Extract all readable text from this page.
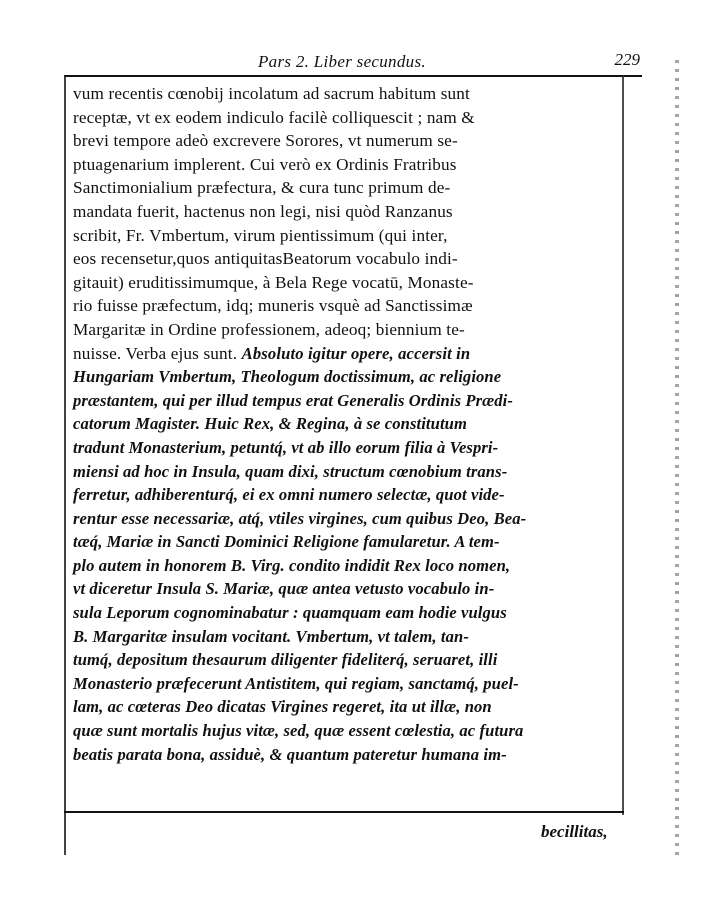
Pars 2. Liber secundus.	229
vum recentis cœnobij incolatum ad sacrum habitum sunt
receptæ, vt ex eodem indiculo facilè colliquescit ; nam &
brevi tempore adeò excrevere Sorores, vt numerum se-
ptuagenarium implerent. Cui verò ex Ordinis Fratribus
Sanctimonialium præfectura, & cura tunc primum de-
mandata fuerit, hactenus non legi, nisi quòd Ranzanus
scribit, Fr. Vmbertum, virum pientissimum (qui inter,
eos recensetur,quos antiquitasBeatorum vocabulo indi-
gitauit) eruditissimumque, à Bela Rege vocatū, Monaste-
rio fuisse præfectum, idq; muneris vsquè ad Sanctissimæ
Margaritæ in Ordine professionem, adeoq; biennium te-
nuisse. Verba ejus sunt. Absoluto igitur opere, accersit in
Hungariam Vmbertum, Theologum doctissimum, ac religione
præstantem, qui per illud tempus erat Generalis Ordinis Prædi-
catorum Magister. Huic Rex, & Regina, à se constitutum
tradunt Monasterium, petuntq́, vt ab illo eorum filia à Vespri-
miensi ad hoc in Insula, quam dixi, structum cœnobium trans-
ferretur, adhiberenturq́, ei ex omni numero selectæ, quot vide-
rentur esse necessariæ, atq́, vtiles virgines, cum quibus Deo, Bea-
tæq́, Mariæ in Sancti Dominici Religione famularetur. A tem-
plo autem in honorem B. Virg. condito indidit Rex loco nomen,
vt diceretur Insula S. Mariæ, quæ antea vetusto vocabulo in-
sula Leporum cognominabatur : quamquam eam hodie vulgus
B. Margaritæ insulam vocitant. Vmbertum, vt talem, tan-
tumq́, depositum thesaurum diligenter fideliterq́, seruaret, illi
Monasterio præfecerunt Antistitem, qui regiam, sanctamq́, puel-
lam, ac cœteras Deo dicatas Virgines regeret, ita ut illæ, non
quæ sunt mortalis hujus vitæ, sed, quæ essent cœlestia, ac futura
beatis parata bona, assiduè, & quantum pateretur humana im-
becillitas,
